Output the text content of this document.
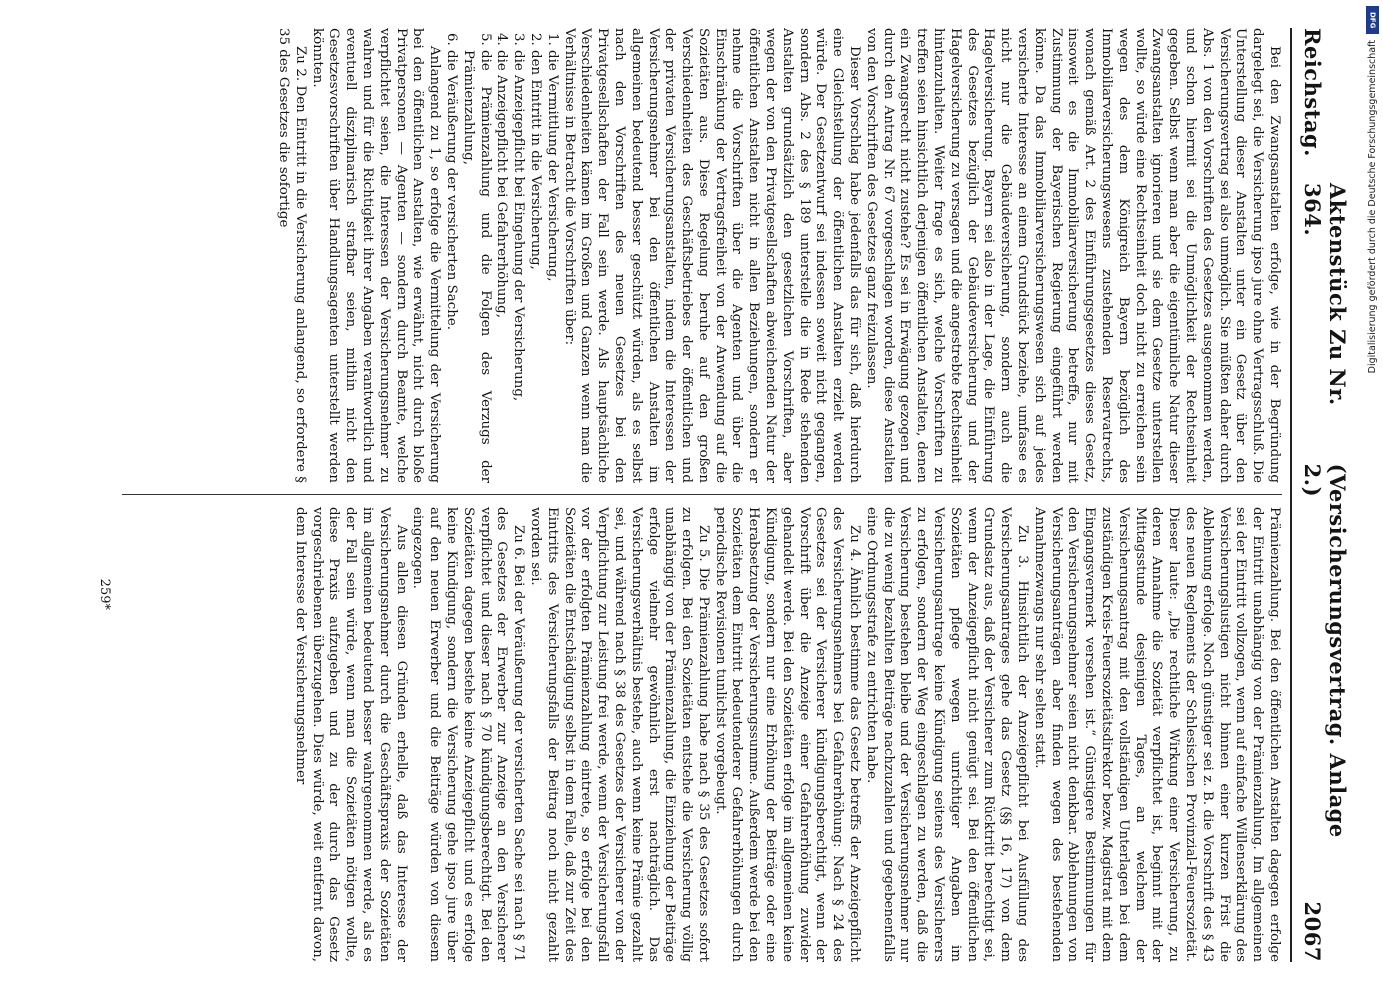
Reichstag.
Aktenstück Zu Nr. 364.
(Versicherungsvertrag. Anlage 2.)
2067

Bei den Zwangsanstalten erfolge, wie in der Begründung dargelegt sei, die Versicherung ipso jure ohne Vertragsschluß. Die Unterstellung dieser Anstalten unter ein Gesetz über den Versicherungsvertrag sei also unmöglich. Sie müßten daher durch Abs. 1 von den Vorschriften des Gesetzes ausgenommen werden, und schon hiermit sei die Unmöglichkeit der Rechtseinheit gegeben. Selbst wenn man aber die eigentümliche Natur dieser Zwangsanstalten ignorieren und sie dem Gesetze unterstellen wollte, so würde eine Rechtseinheit doch nicht zu erreichen sein wegen des dem Königreich Bayern bezüglich des Immobiliarversicherungswesens zustehenden Reservatrechts, wonach gemäß Art. 2 des Einführungsgesetzes dieses Gesetz, insoweit es die Immobiliarversicherung betreffe, nur mit Zustimmung der Bayerischen Regierung eingeführt werden könne. Da das Immobiliarversicherungswesen sich auf jedes versicherte Interesse an einem Grundstück beziehe, umfasse es nicht nur die Gebäudeversicherung, sondern auch die Hagelversicherung. Bayern sei also in der Lage, die Einführung des Gesetzes bezüglich der Gebäudeversicherung und der Hagelversicherung zu versagen und die angestrebte Rechtseinheit hintanzuhalten. Weiter frage es sich, welche Vorschriften zu treffen seien hinsichtlich derjenigen öffentlichen Anstalten, denen ein Zwangsrecht nicht zustehe? Es sei in Erwägung gezogen und durch den Antrag Nr. 67 vorgeschlagen worden, diese Anstalten von den Vorschriften des Gesetzes ganz freizulassen.

Dieser Vorschlag habe jedenfalls das für sich, daß hierdurch eine Gleichstellung der öffentlichen Anstalten erzielt werden würde. Der Gesetzentwurf sei indessen soweit nicht gegangen, sondern Abs. 2 des § 189 unterstelle die in Rede stehenden Anstalten grundsätzlich den gesetzlichen Vorschriften, aber wegen der von den Privatgesellschaften abweichenden Natur der öffentlichen Anstalten nicht in allen Beziehungen, sondern er nehme die Vorschriften über die Agenten und über die Einschränkung der Vertragsfreiheit von der Anwendung auf die Sozietäten aus. Diese Regelung beruhe auf den großen Verschiedenheiten des Geschäftsbetriebes der öffentlichen und der privaten Versicherungsanstalten, indem die Interessen der Versicherungsnehmer bei den öffentlichen Anstalten im allgemeinen bedeutend besser geschützt würden, als es selbst nach den Vorschriften des neuen Gesetzes bei den Privatgesellschaften der Fall sein werde. Als hauptsächliche Verschiedenheiten kämen im Großen und Ganzen wenn man die Verhältnisse in Betracht die Vorschriften über:

1. die Vermittlung der Versicherung,
2. den Eintritt in die Versicherung,
3. die Anzeigepflicht bei Eingehung der Versicherung,
4. die Anzeigepflicht bei Gefahrerhöhung,
5. die Prämienzahlung und die Folgen des Verzugs der Prämienzahlung,
6. die Veräußerung der versicherten Sache.

Anlangend zu 1, so erfolge die Vermittelung der Versicherung bei den öffentlichen Anstalten, wie erwähnt, nicht durch bloße Privatpersonen — Agenten — sondern durch Beamte, welche verpflichtet seien, die Interessen der Versicherungsnehmer zu wahren und für die Richtigkeit ihrer Angaben verantwortlich und eventuell disziplinarisch strafbar seien, mithin nicht den Gesetzesvorschriften über Handlungsagenten unterstellt werden könnten.

Zu 2. Den Eintritt in die Versicherung anlangend, so erfordere § 35 des Gesetzes die sofortige

Prämienzahlung. Bei den öffentlichen Anstalten dagegen erfolge der Eintritt unabhängig von der Prämienzahlung. Im allgemeinen sei der Eintritt vollzogen, wenn auf einfache Willenserklärung des Versicherungslustigen nicht binnen einer kurzen Frist die Ablehnung erfolge. Noch günstiger sei z. B. die Vorschrift des § 43 des neuen Reglements der Schlesischen Provinzial-Feuersozietät. Dieser laute: „Die rechtliche Wirkung einer Versicherung, zu deren Annahme die Sozietät verpflichtet ist, beginnt mit der Mittagsstunde desjenigen Tages, an welchem der Versicherungsantrag mit den vollständigen Unterlagen bei dem zuständigen Kreis-Feuersozietätsdirektor bezw. Magistrat mit dem Eingangsvermerk versehen ist.“ Günstigere Bestimmungen für den Versicherungsnehmer seien nicht denkbar. Ablehnungen von Versicherungsanträgen aber finden wegen des bestehenden Annahmezwangs nur sehr selten statt.

Zu 3. Hinsichtlich der Anzeigepflicht bei Ausfüllung des Versicherungsantrages gehe das Gesetz (§§ 16, 17) von dem Grundsatz aus, daß der Versicherer zum Rücktritt berechtigt sei, wenn der Anzeigepflicht nicht genügt sei. Bei den öffentlichen Sozietäten pflege wegen unrichtiger Angaben im Versicherungsantrage keine Kündigung seitens des Versicherers zu erfolgen, sondern der Weg eingeschlagen zu werden, daß die Versicherung bestehen bleibe und der Versicherungsnehmer nur die zu wenig bezahlten Beiträge nachzuzahlen und gegebenenfalls eine Ordnungsstrafe zu entrichten habe.

Zu 4. Ähnlich bestimme das Gesetz betreffs der Anzeigepflicht des Versicherungsnehmers bei Gefahrerhöhung: Nach § 24 des Gesetzes sei der Versicherer kündigungsberechtigt, wenn der Vorschrift über die Anzeige einer Gefahrerhöhung zuwider gehandelt werde. Bei den Sozietäten erfolge im allgemeinen keine Kündigung, sondern nur eine Erhöhung der Beiträge oder eine Herabsetzung der Versicherungssumme. Außerdem werde bei den Sozietäten dem Eintritt bedeutenderer Gefahrerhöhungen durch periodische Revisionen tunlichst vorgebeugt.

Zu 5. Die Prämienzahlung habe nach § 35 des Gesetzes sofort zu erfolgen. Bei den Sozietäten entstehe die Versicherung völlig unabhängig von der Prämienzahlung, die Einziehung der Beiträge erfolge vielmehr gewöhnlich erst nachträglich. Das Versicherungsverhältnis bestehe, auch wenn keine Prämie gezahlt sei, und während nach § 38 des Gesetzes der Versicherer von der Verpflichtung zur Leistung frei werde, wenn der Versicherungsfall vor der erfolgten Prämienzahlung eintrete, so erfolge bei den Sozietäten die Entschädigung selbst in dem Falle, daß zur Zeit des Eintritts des Versicherungsfalls der Beitrag noch nicht gezahlt worden sei.

Zu 6. Bei der Veräußerung der versicherten Sache sei nach § 71 des Gesetzes der Erwerber zur Anzeige an den Versicherer verpflichtet und dieser nach § 70 kündigungsberechtigt. Bei den Sozietäten dagegen bestehe keine Anzeigepflicht und es erfolge keine Kündigung, sondern die Versicherung gehe ipso jure über auf den neuen Erwerber und die Beiträge würden von diesem eingezogen.

Aus allen diesen Gründen erhelle, daß das Interesse der Versicherungsnehmer durch die Geschäftspraxis der Sozietäten im allgemeinen bedeutend besser wahrgenommen werde, als es der Fall sein würde, wenn man die Sozietäten nötigen wollte, diese Praxis aufzugeben und zu der durch das Gesetz vorgeschriebenen überzugehen. Dies würde, weit entfernt davon, dem Interesse der Versicherungsnehmer

259*
DFG
Digitalisierung gefördert durch die Deutsche Forschungsgemeinschaft
